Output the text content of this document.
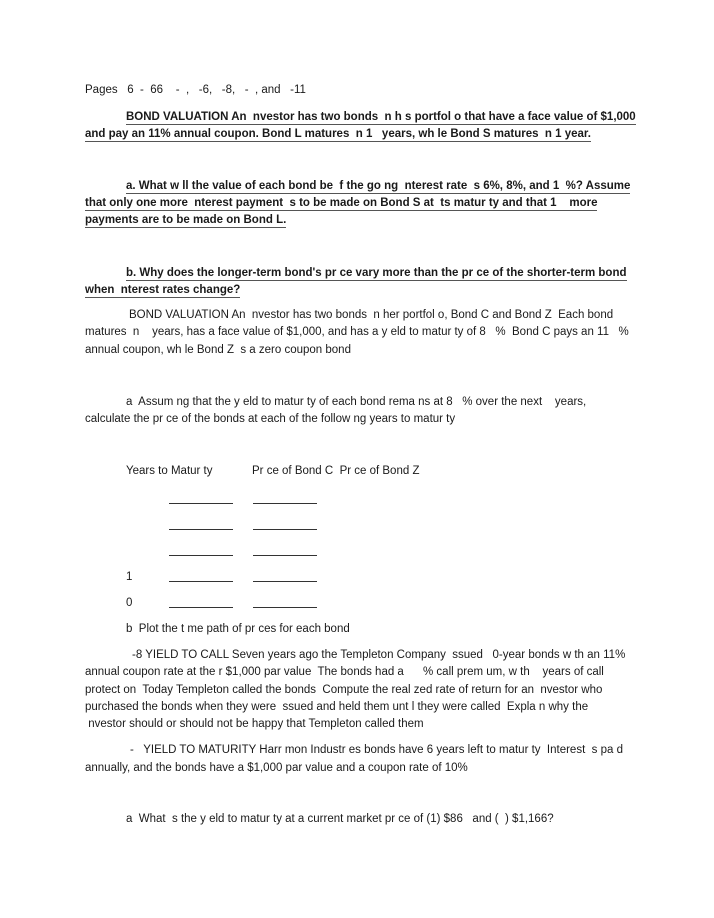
Pages   6  -  66    -  ,   -6,   -8,   -  , and   -11
BOND VALUATION An  nvestor has two bonds  n h s portfol o that have a face value of $1,000
and pay an 11% annual coupon. Bond L matures  n 1   years, wh le Bond S matures  n 1 year.
a. What w ll the value of each bond be  f the go ng  nterest rate  s 6%, 8%, and 1  %? Assume
that only one more  nterest payment  s to be made on Bond S at  ts matur ty and that 1    more
payments are to be made on Bond L.
b. Why does the longer-term bond's pr ce vary more than the pr ce of the shorter-term bond
when  nterest rates change?
BOND VALUATION An  nvestor has two bonds  n her portfol o, Bond C and Bond Z  Each bond
matures  n    years, has a face value of $1,000, and has a y eld to matur ty of 8   %  Bond C pays an 11   %
annual coupon, wh le Bond Z  s a zero coupon bond
a  Assum ng that the y eld to matur ty of each bond rema ns at 8   % over the next    years,
calculate the pr ce of the bonds at each of the follow ng years to matur ty
Years to Matur ty	Pr ce of Bond C  Pr ce of Bond Z
1
0
b  Plot the t me path of pr ces for each bond
-8 YIELD TO CALL Seven years ago the Templeton Company  ssued   0-year bonds w th an 11%
annual coupon rate at the r $1,000 par value  The bonds had a      % call prem um, w th    years of call
protect on  Today Templeton called the bonds  Compute the real zed rate of return for an  nvestor who
purchased the bonds when they were  ssued and held them unt l they were called  Expla n why the
nvestor should or should not be happy that Templeton called them
-   YIELD TO MATURITY Harr mon Industr es bonds have 6 years left to matur ty  Interest  s pa d
annually, and the bonds have a $1,000 par value and a coupon rate of 10%
a  What  s the y eld to matur ty at a current market pr ce of (1) $86   and (  ) $1,166?
